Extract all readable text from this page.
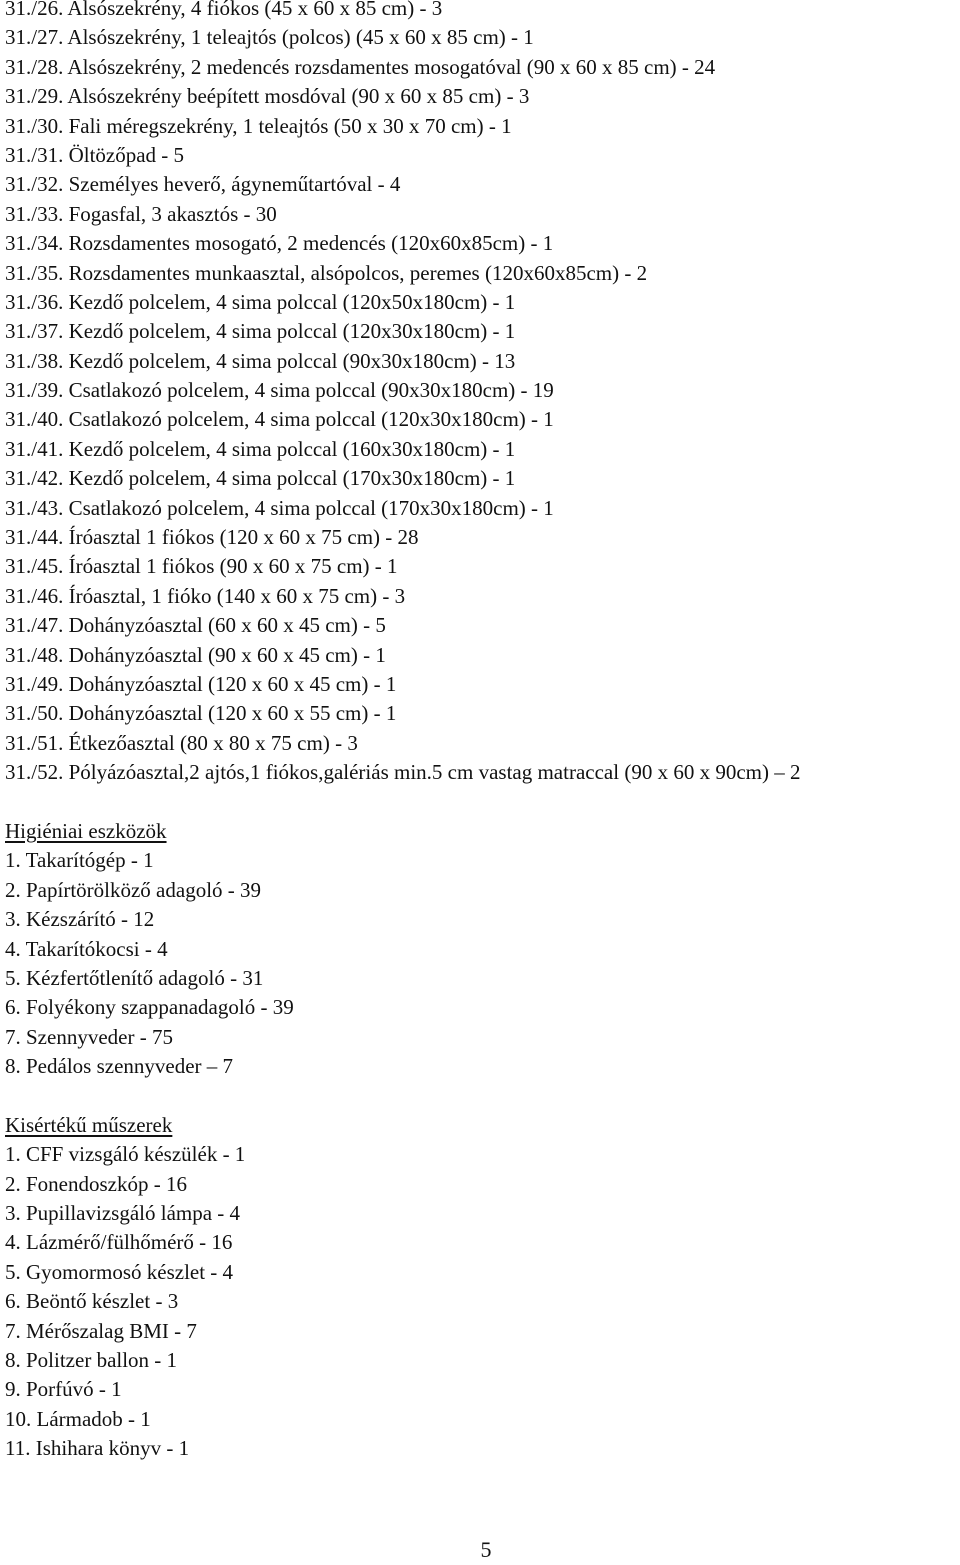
31./26. Alsószekrény, 4 fiókos (45 x 60 x 85 cm) - 3
31./27. Alsószekrény, 1 teleajtós (polcos) (45 x 60 x 85 cm) - 1
31./28. Alsószekrény, 2 medencés rozsdamentes mosogatóval (90 x 60 x 85 cm) - 24
31./29. Alsószekrény beépített mosdóval (90 x 60 x 85 cm) - 3
31./30. Fali méregszekrény, 1 teleajtós (50 x 30 x 70 cm) - 1
31./31. Öltözőpad - 5
31./32. Személyes heverő, ágyneműtartóval - 4
31./33. Fogasfal, 3 akasztós - 30
31./34. Rozsdamentes mosogató, 2 medencés (120x60x85cm) - 1
31./35. Rozsdamentes munkaasztal, alsópolcos, peremes (120x60x85cm) - 2
31./36. Kezdő polcelem, 4 sima polccal (120x50x180cm) - 1
31./37. Kezdő polcelem, 4 sima polccal (120x30x180cm) - 1
31./38. Kezdő polcelem, 4 sima polccal (90x30x180cm) - 13
31./39. Csatlakozó polcelem, 4 sima polccal (90x30x180cm) - 19
31./40. Csatlakozó polcelem, 4 sima polccal (120x30x180cm) - 1
31./41. Kezdő polcelem, 4 sima polccal (160x30x180cm) - 1
31./42. Kezdő polcelem, 4 sima polccal (170x30x180cm) - 1
31./43. Csatlakozó polcelem, 4 sima polccal (170x30x180cm) - 1
31./44. Íróasztal 1 fiókos (120 x 60 x 75 cm) - 28
31./45. Íróasztal 1 fiókos (90 x 60 x 75 cm) - 1
31./46. Íróasztal, 1 fióko (140 x 60 x 75 cm) - 3
31./47. Dohányzóasztal (60 x 60 x 45 cm) - 5
31./48. Dohányzóasztal (90 x 60 x 45 cm) - 1
31./49. Dohányzóasztal (120 x 60 x 45 cm) - 1
31./50. Dohányzóasztal (120 x 60 x 55 cm) - 1
31./51. Étkezőasztal (80 x 80 x 75 cm) - 3
31./52. Pólyázóasztal,2 ajtós,1 fiókos,galériás min.5 cm vastag matraccal (90 x 60 x 90cm) – 2
Higiéniai eszközök
1. Takarítógép - 1
2. Papírtörölköző adagoló - 39
3. Kézszárító - 12
4. Takarítókocsi - 4
5. Kézfertőtlenítő adagoló - 31
6. Folyékony szappanadagoló - 39
7. Szennyveder - 75
8. Pedálos szennyveder – 7
Kisértékű műszerek
1. CFF vizsgáló készülék - 1
2. Fonendoszkóp - 16
3. Pupillavizsgáló lámpa - 4
4. Lázmérő/fülhőmérő - 16
5. Gyomormosó készlet - 4
6. Beöntő készlet - 3
7. Mérőszalag BMI - 7
8. Politzer ballon - 1
9. Porfúvó - 1
10. Lármadob - 1
11. Ishihara könyv - 1
5
